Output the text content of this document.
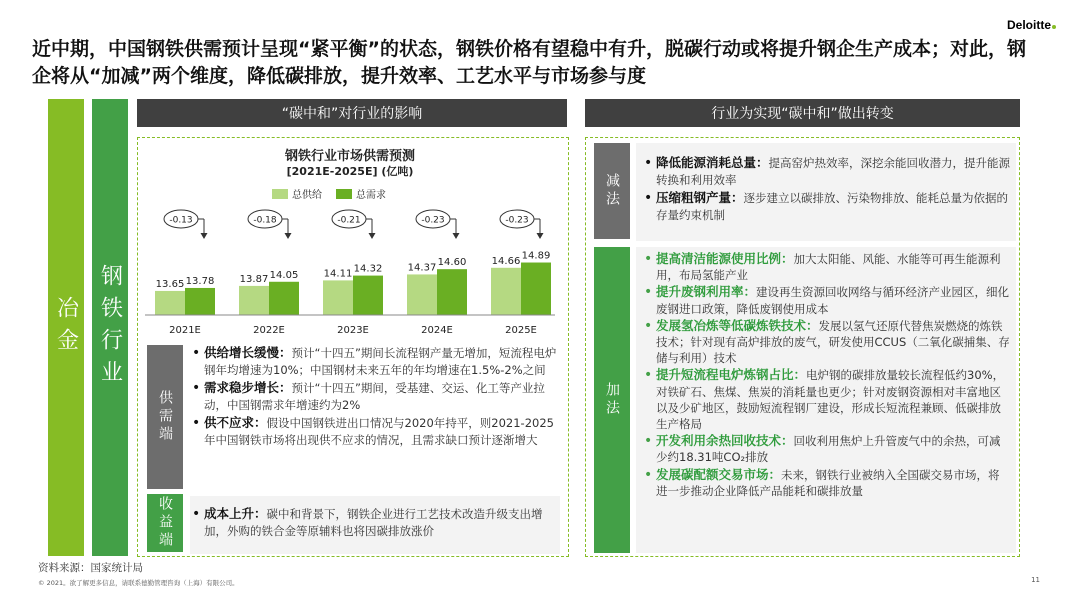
Deloitte
近中期，中国钢铁供需预计呈现“紧平衡”的状态，钢铁价格有望稳中有升，脱碳行动或将提升钢企生产成本；对此，钢企将从“加减”两个维度，降低碳排放，提升效率、工艺水平与市场参与度
冶金 钢铁行业
“碳中和”对行业的影响	行业为实现“碳中和”做出转变
钢铁行业市场供需预测
[2021E-2025E] (亿吨)
总供给	总需求
13.65 13.78
2021E
-0.13
13.87 14.05
2022E
-0.18
14.11 14.32
2023E
-0.21
14.37 14.60
2024E
-0.23
14.66 14.89
2025E
-0.23
供需端
• 供给增长缓慢：预计“十四五”期间长流程钢产量无增加，短流程电炉钢年均增速为10%；中国钢材未来五年的年均增速在1.5%-2%之间
• 需求稳步增长：预计“十四五”期间，受基建、交运、化工等产业拉动，中国钢需求年增速约为2%
• 供不应求：假设中国钢铁进出口情况与2020年持平，则2021-2025年中国钢铁市场将出现供不应求的情况，且需求缺口预计逐渐增大
收益端
•	成本上升：碳中和背景下，钢铁企业进行工艺技术改造升级支出增加，外购的铁合金等原辅料也将因碳排放涨价
减法
• 降低能源消耗总量：提高窑炉热效率，深挖余能回收潜力，提升能源转换和利用效率
• 压缩粗钢产量：逐步建立以碳排放、污染物排放、能耗总量为依据的存量约束机制
加法
• 提高清洁能源使用比例：加大太阳能、风能、水能等可再生能源利用，布局氢能产业
• 提升废钢利用率：建设再生资源回收网络与循环经济产业园区，细化废钢进口政策，降低废钢使用成本
• 发展氢冶炼等低碳炼铁技术：发展以氢气还原代替焦炭燃烧的炼铁技术；针对现有高炉排放的废气，研发使用CCUS（二氧化碳捕集、存储与利用）技术
• 提升短流程电炉炼钢占比：电炉钢的碳排放量较长流程低约30%，对铁矿石、焦煤、焦炭的消耗量也更少；针对废钢资源相对丰富地区以及少矿地区，鼓励短流程钢厂建设，形成长短流程兼顾、低碳排放生产格局
• 开发利用余热回收技术：回收利用焦炉上升管废气中的余热，可减少约18.31吨CO₂排放
• 发展碳配额交易市场：未来，钢铁行业被纳入全国碳交易市场，将进一步推动企业降低产品能耗和碳排放量
资料来源：国家统计局
© 2021。欲了解更多信息，请联系德勤管理咨询（上海）有限公司。	11
